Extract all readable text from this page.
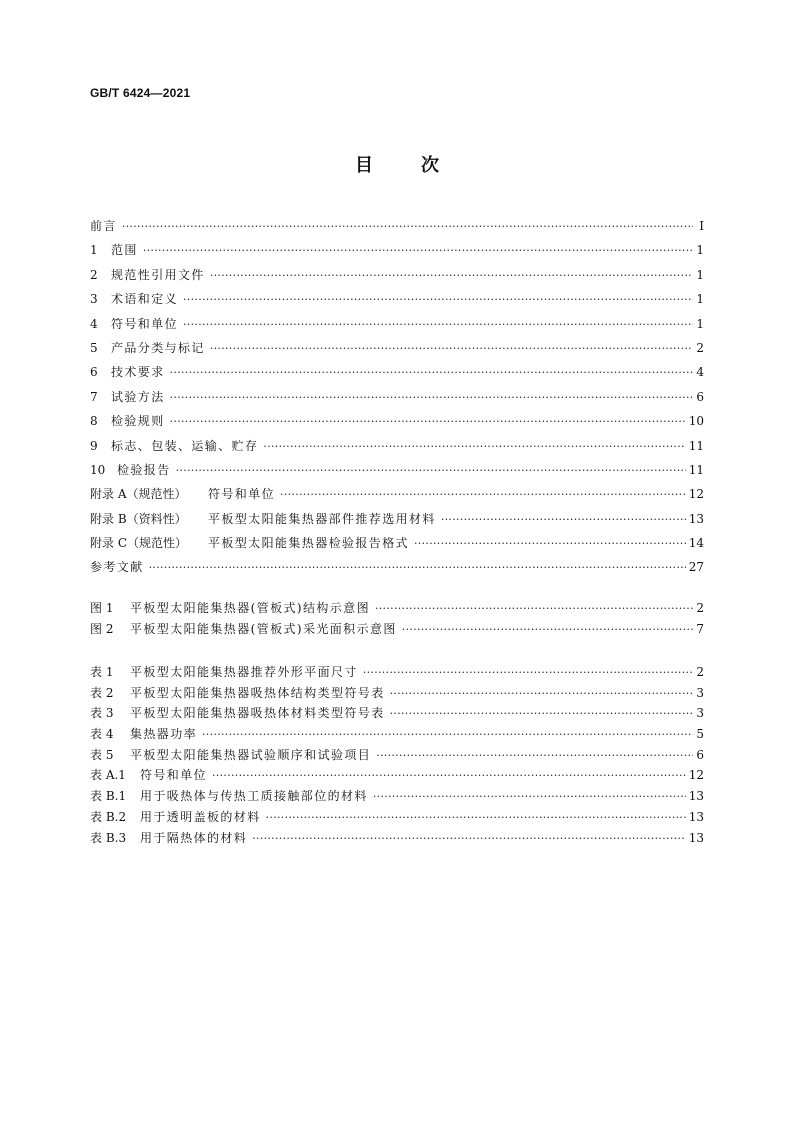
GB/T 6424—2021
目	次
前言 ·····	Ⅰ
1	范围 ·····	1
2	规范性引用文件 ·····	1
3	术语和定义 ·····	1
4	符号和单位 ·····	1
5	产品分类与标记 ·····	2
6	技术要求 ·····	4
7	试验方法 ·····	6
8	检验规则 ·····	10
9	标志、包装、运输、贮存 ·····	11
10 检验报告 ·····	11
附录 A（规范性）	符号和单位 ·····	12
附录 B（资料性）	平板型太阳能集热器部件推荐选用材料 ·····	13
附录 C（规范性）	平板型太阳能集热器检验报告格式 ·····	14
参考文献 ·····	27
图 1	平板型太阳能集热器(管板式)结构示意图 ·····	2
图 2	平板型太阳能集热器(管板式)采光面积示意图 ·····	7
表 1	平板型太阳能集热器推荐外形平面尺寸 ·····	2
表 2	平板型太阳能集热器吸热体结构类型符号表 ·····	3
表 3	平板型太阳能集热器吸热体材料类型符号表 ·····	3
表 4	集热器功率 ·····	5
表 5	平板型太阳能集热器试验顺序和试验项目 ·····	6
表 A.1	符号和单位 ·····	12
表 B.1	用于吸热体与传热工质接触部位的材料 ·····	13
表 B.2	用于透明盖板的材料 ·····	13
表 B.3	用于隔热体的材料 ·····	13
